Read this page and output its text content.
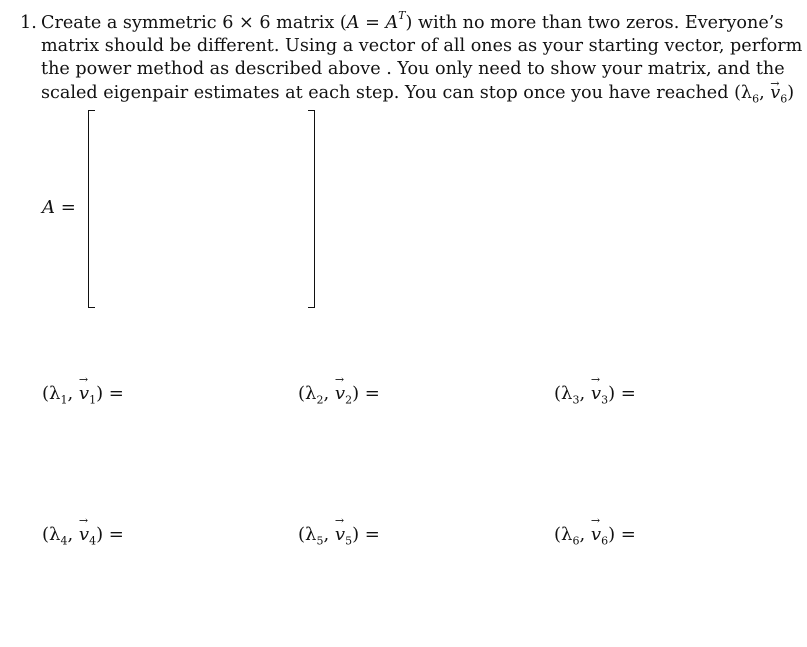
1. Create a symmetric 6 × 6 matrix $(A = A^T)$ with no more than two zeros. Everyone’s
matrix should be different. Using a vector of all ones as your starting vector, perform
the power method as described above . You only need to show your matrix, and the
scaled eigenpair estimates at each step. You can stop once you have reached ($\lambda_6$, → $v_6$)
A =
($\lambda_1$, → $v_1$) =	($\lambda_2$, → $v_2$) =	($\lambda_3$, → $v_3$) =
($\lambda_4$, → $v_4$) =	($\lambda_5$, → $v_5$) =	($\lambda_6$, → $v_6$) =
